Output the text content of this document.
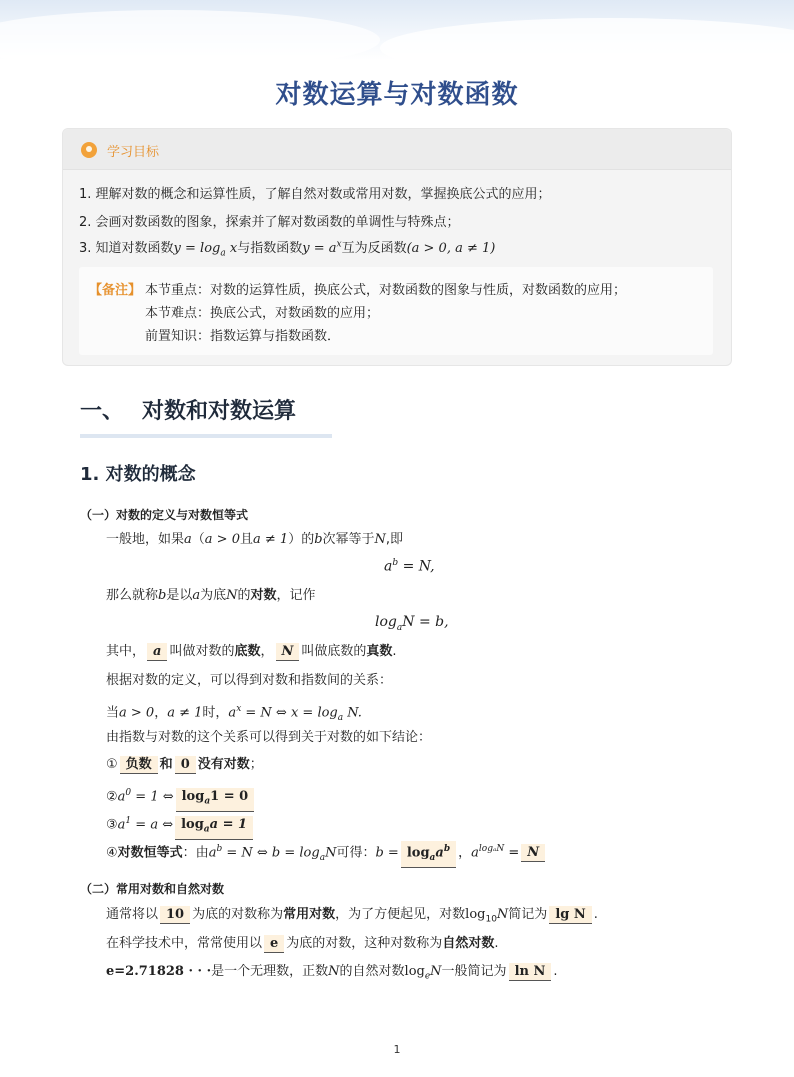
对数运算与对数函数
学习目标
1. 理解对数的概念和运算性质，了解自然对数或常用对数，掌握换底公式的应用；
2. 会画对数函数的图象，探索并了解对数函数的单调性与特殊点；
3. 知道对数函数$y = \log_a x$与指数函数$y = a^x$互为反函数(a > 0, a ≠ 1)
【备注】 本节重点：对数的运算性质，换底公式，对数函数的图象与性质，对数函数的应用；
本节难点：换底公式，对数函数的应用；
前置知识：指数运算与指数函数．
一、 对数和对数运算
1. 对数的概念
（一）对数的定义与对数恒等式
一般地，如果a（a > 0且a ≠ 1）的b次幂等于N,即
$a^b = N$,
那么就称b是以a为底N的对数，记作
$\log_aN = b$,
其中， a 叫做对数的底数， N 叫做底数的真数.
根据对数的定义，可以得到对数和指数间的关系：
当a > 0，a ≠ 1时，$a^x = N$ ⇔ $x = \log_a N$.
由指数与对数的这个关系可以得到关于对数的如下结论：
① 负数 和 0 没有对数；
$②a^0 = 1$ ⇔ $\log_a1 = 0$
$③a^1 = a$ ⇔ $\log_aa = 1$
④对数恒等式：由$a^b = N$ ⇔ $b = \log_aN$可得：$b = \log_aa^b$ ，$a^{log_aN} = N$
（二）常用对数和自然对数
通常将以 10 为底的对数称为常用对数，为了方便起见，对数$\log_{10}N$简记为 lg N .
在科学技术中，常常使用以 e 为底的对数，这种对数称为自然对数.
e=2.71828 · · ·是一个无理数，正数N的自然对数$\log_eN$一般简记为 ln N .
1
